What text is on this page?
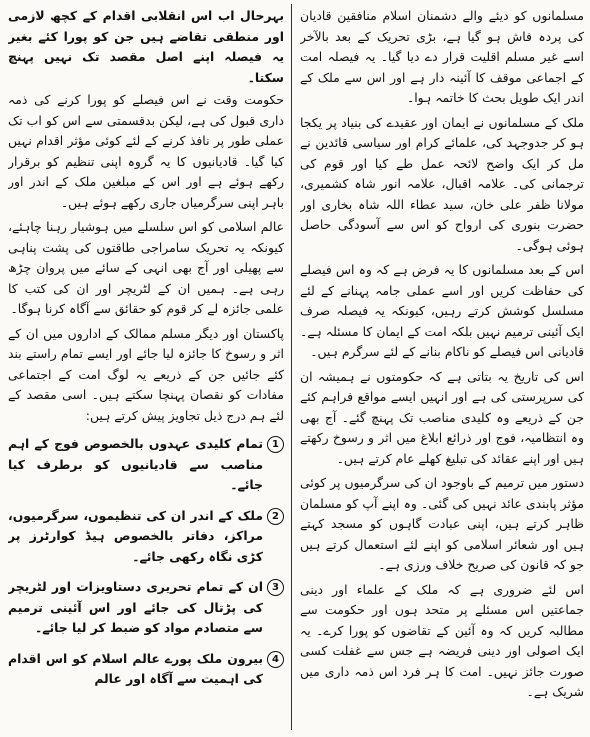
مسلمانوں کو دیئے والے دشمنان اسلام منافقین قادیان کی پردہ فاش ہو گیا ہے، بڑی تحریک کے بعد بالآخر اسے غیر مسلم اقلیت قرار دے دیا گیا۔ یہ فیصلہ امت کے اجماعی موقف کا آئینہ دار ہے اور اس سے ملک کے اندر ایک طویل بحث کا خاتمہ ہوا۔

ملک کے مسلمانوں نے ایمان اور عقیدے کی بنیاد پر یکجا ہو کر جدوجہد کی، علمائے کرام اور سیاسی قائدین نے مل کر ایک واضح لائحہ عمل طے کیا اور قوم کی ترجمانی کی۔ علامہ اقبال، علامہ انور شاہ کشمیری، مولانا ظفر علی خان، سید عطاء اللہ شاہ بخاری اور حضرت بنوری کی ارواح کو اس سے آسودگی حاصل ہوئی ہوگی۔

اس کے بعد مسلمانوں کا یہ فرض ہے کہ وہ اس فیصلے کی حفاظت کریں اور اسے عملی جامہ پہنانے کے لئے مسلسل کوشش کرتے رہیں، کیونکہ یہ فیصلہ صرف ایک آئینی ترمیم نہیں بلکہ امت کے ایمان کا مسئلہ ہے۔ قادیانی اس فیصلے کو ناکام بنانے کے لئے سرگرم ہیں۔

اس کی تاریخ یہ بتاتی ہے کہ حکومتوں نے ہمیشہ ان کی سرپرستی کی ہے اور انہیں ایسے مواقع فراہم کئے جن کے ذریعے وہ کلیدی مناصب تک پہنچ گئے۔ آج بھی وہ انتظامیہ، فوج اور ذرائع ابلاغ میں اثر و رسوخ رکھتے ہیں اور اپنے عقائد کی تبلیغ کھلے عام کرتے ہیں۔

دستور میں ترمیم کے باوجود ان کی سرگرمیوں پر کوئی مؤثر پابندی عائد نہیں کی گئی۔ وہ اپنے آپ کو مسلمان ظاہر کرتے ہیں، اپنی عبادت گاہوں کو مسجد کہتے ہیں اور شعائر اسلامی کو اپنے لئے استعمال کرتے ہیں جو کہ قانون کی صریح خلاف ورزی ہے۔

اس لئے ضروری ہے کہ ملک کے علماء اور دینی جماعتیں اس مسئلے پر متحد ہوں اور حکومت سے مطالبہ کریں کہ وہ آئین کے تقاضوں کو پورا کرے۔ یہ ایک اصولی اور دینی فریضہ ہے جس سے غفلت کسی صورت جائز نہیں۔ امت کا ہر فرد اس ذمہ داری میں شریک ہے۔

بہرحال اب اس انقلابی اقدام کے کچھ لازمی اور منطقی تقاضے ہیں جن کو پورا کئے بغیر یہ فیصلہ اپنے اصل مقصد تک نہیں پہنچ سکتا۔

حکومت وقت نے اس فیصلے کو پورا کرنے کی ذمہ داری قبول کی ہے، لیکن بدقسمتی سے اس کو اب تک عملی طور پر نافذ کرنے کے لئے کوئی مؤثر اقدام نہیں کیا گیا۔ قادیانیوں کا یہ گروہ اپنی تنظیم کو برقرار رکھے ہوئے ہے اور اس کے مبلغین ملک کے اندر اور باہر اپنی سرگرمیاں جاری رکھے ہوئے ہیں۔

عالم اسلامی کو اس سلسلے میں ہوشیار رہنا چاہئے، کیونکہ یہ تحریک سامراجی طاقتوں کی پشت پناہی سے پھیلی اور آج بھی انہی کے سائے میں پروان چڑھ رہی ہے۔ ہمیں ان کے لٹریچر اور ان کی کتب کا علمی جائزہ لے کر قوم کو حقائق سے آگاہ کرنا ہوگا۔

پاکستان اور دیگر مسلم ممالک کے اداروں میں ان کے اثر و رسوخ کا جائزہ لیا جائے اور ایسے تمام راستے بند کئے جائیں جن کے ذریعے یہ لوگ امت کے اجتماعی مفادات کو نقصان پہنچا سکتے ہیں۔ اسی مقصد کے لئے ہم درج ذیل تجاویز پیش کرتے ہیں:

1
تمام کلیدی عہدوں بالخصوص فوج کے اہم مناصب سے قادیانیوں کو برطرف کیا جائے۔
2
ملک کے اندر ان کی تنظیموں، سرگرمیوں، مراکز، دفاتر بالخصوص ہیڈ کوارٹرز پر کڑی نگاہ رکھی جائے۔
3
ان کے تمام تحریری دستاویزات اور لٹریچر کی پڑتال کی جائے اور اس آئینی ترمیم سے متصادم مواد کو ضبط کر لیا جائے۔
4
بیرون ملک پورے عالم اسلام کو اس اقدام کی اہمیت سے آگاہ اور عالم
